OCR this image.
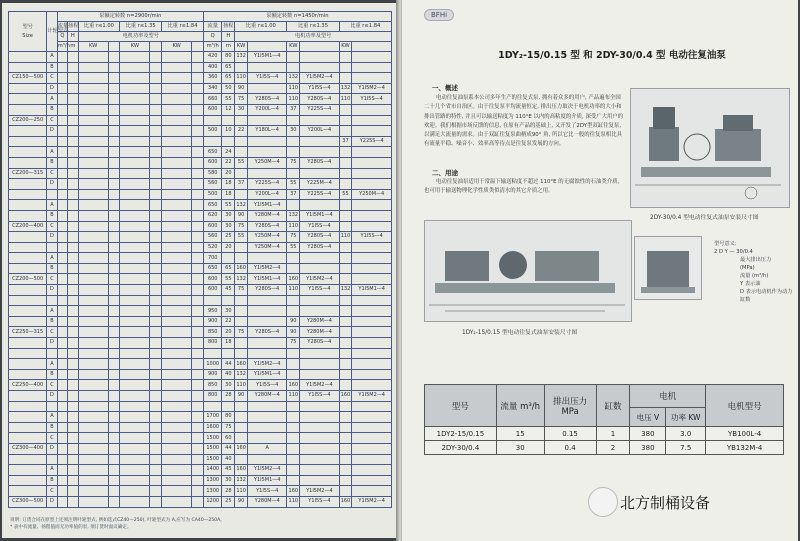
型号
Size	计轮型式	泵额定转数 n=2900r/min								泵额定转数 n=1450r/min							
		流量	扬程	比重 r≤1.00		比重 r≤1.35		比重 r≤1.84		流量	扬程	比重 r≤1.00		比重 r≤1.35		比重 r≤1.84	
		Q	H	电机功率及型号						Q	H	电机功率及型号					
		m³/h	m	KW		KW		KW		m³/h	m	KW		KW		KW	
	A									420	80	132	Y1I5M1—4				
	B									400	65						
CZ150—500	C									360	65	110	Y1I5S—4	132	Y1I5M2—4		
	D									340	50	90		110	Y1I5S—4	132	Y1I5M2—4
	A									660	55	75	Y280S—4	110	Y280S—4	110	Y1I5S—4
	B									600	12	30	Y200L—4	37	Y225S—4		
CZ200—250	C																
	D									500	10	22	Y180L—4	30	Y200L—4		
																37	Y225S—4
	A									650	24						
	B									600	22	55	Y250M—4	75	Y280S—4		
CZ200—315	C									580	20						
	D									560	18	37	Y225S—4	55	Y225M—4		
										500	18		Y200L—4	37	Y225S—4	55	Y250M—4
	A									650	55	132	Y1I5M1—4				
	B									620	30	90	Y280M—4	132	Y1I5M1—4		
CZ200—400	C									600	30	75	Y280S—4	110	Y1I5S—4		
	D									560	25	55	Y250M—4	75	Y280S—4	110	Y1I5S—4
										520	20		Y250M—4	55	Y280S—4		
	A									700							
	B									650	65	160	Y1I5M2—4				
CZ200—500	C									600	55	132	Y1I5M1—4	160	Y1I5M2—4		
	D									600	45	75	Y280S—4	110	Y1I5S—4	132	Y1I5M1—4

	A									950	30						
	B									900	22			90	Y280M—4		
CZ250—315	C									850	20	75	Y280S—4	90	Y280M—4		
	D									800	18			75	Y280S—4		

	A									1000	44	160	Y1I5M2—4				
	B									900	40	132	Y1I5M1—4				
CZ250—400	C									850	30	110	Y1I5S—4	160	Y1I5M2—4		
	D									800	28	90	Y280M—4	110	Y1I5S—4	160	Y1I5M2—4

	A									1700	80						
	B									1600	75						
	C									1500	60						
CZ300—400	D									1500	44	160	A				
										1500	40						
	A									1400	45	160	Y1I5M2—4				
	B									1300	30	132	Y1I5M1—4				
	C									1300	28	110	Y1I5S—4	160	Y1I5M2—4		
CZ300—500	D									1200	25	90	Y280M—4	110	Y1I5S—4	160	Y1I5M2—4
说明: 订货合同在原型上还须注明叶轮型式, 例如选式CZ40—250), 叶轮型式为 A,应写为 CA40—250A。
* 表中有流量、扬程值而无功率值的泵, 须订货时面议确定。
BFHi
1DY₂-15/0.15 型 和 2DY-30/0.4 型 电动往复油泵
一、概述
电动往复油泵系本公司多年生产的往复式泵, 拥有着众多的用户, 产品遍布全国二十几个省市自治区。由于往复泵平均流量恒定, 排出压力取决于电机功率的大小和排出管路的特性, 并且可以输送粘度为 110°E 以内的高粘度的介质, 深受广大用户的欢迎。我们根据市场反馈的信息, 在原有产品的基础上, 又开发了2DY型双缸往复泵, 以满足大流量的需求。由于双缸往复泵曲柄成90° 角, 所以它比一般的往复泵相比具有流量平稳、噪音小、效率高等待点是往复泵发展的方向。
二、用途
电动往复油泵适用于常温下输送粘度不超过 110°E 的无腐蚀性的石油类介质, 也可用于输送物理化学性质类似清水的其它介质之用。
2DY-30/0.4 型电动往复式油泵安装尺寸图
1DY₂-15/0.15 型电动往复式油泵安装尺寸图
型号意义:
2 D Y — 30/0.4
最大排出压力
(MPa)
流量 (m³/h)
Y 表示油
D 表示电动机作为动力
缸数
型号	流量 m³/h	排出压力 MPa	缸数	电机		电机型号
				电压 V	功率 KW	
1DY2-15/0.15	15	0.15	1	380	3.0	YB100L-4
2DY-30/0.4	30	0.4	2	380	7.5	YB132M-4
北方制桶设备
